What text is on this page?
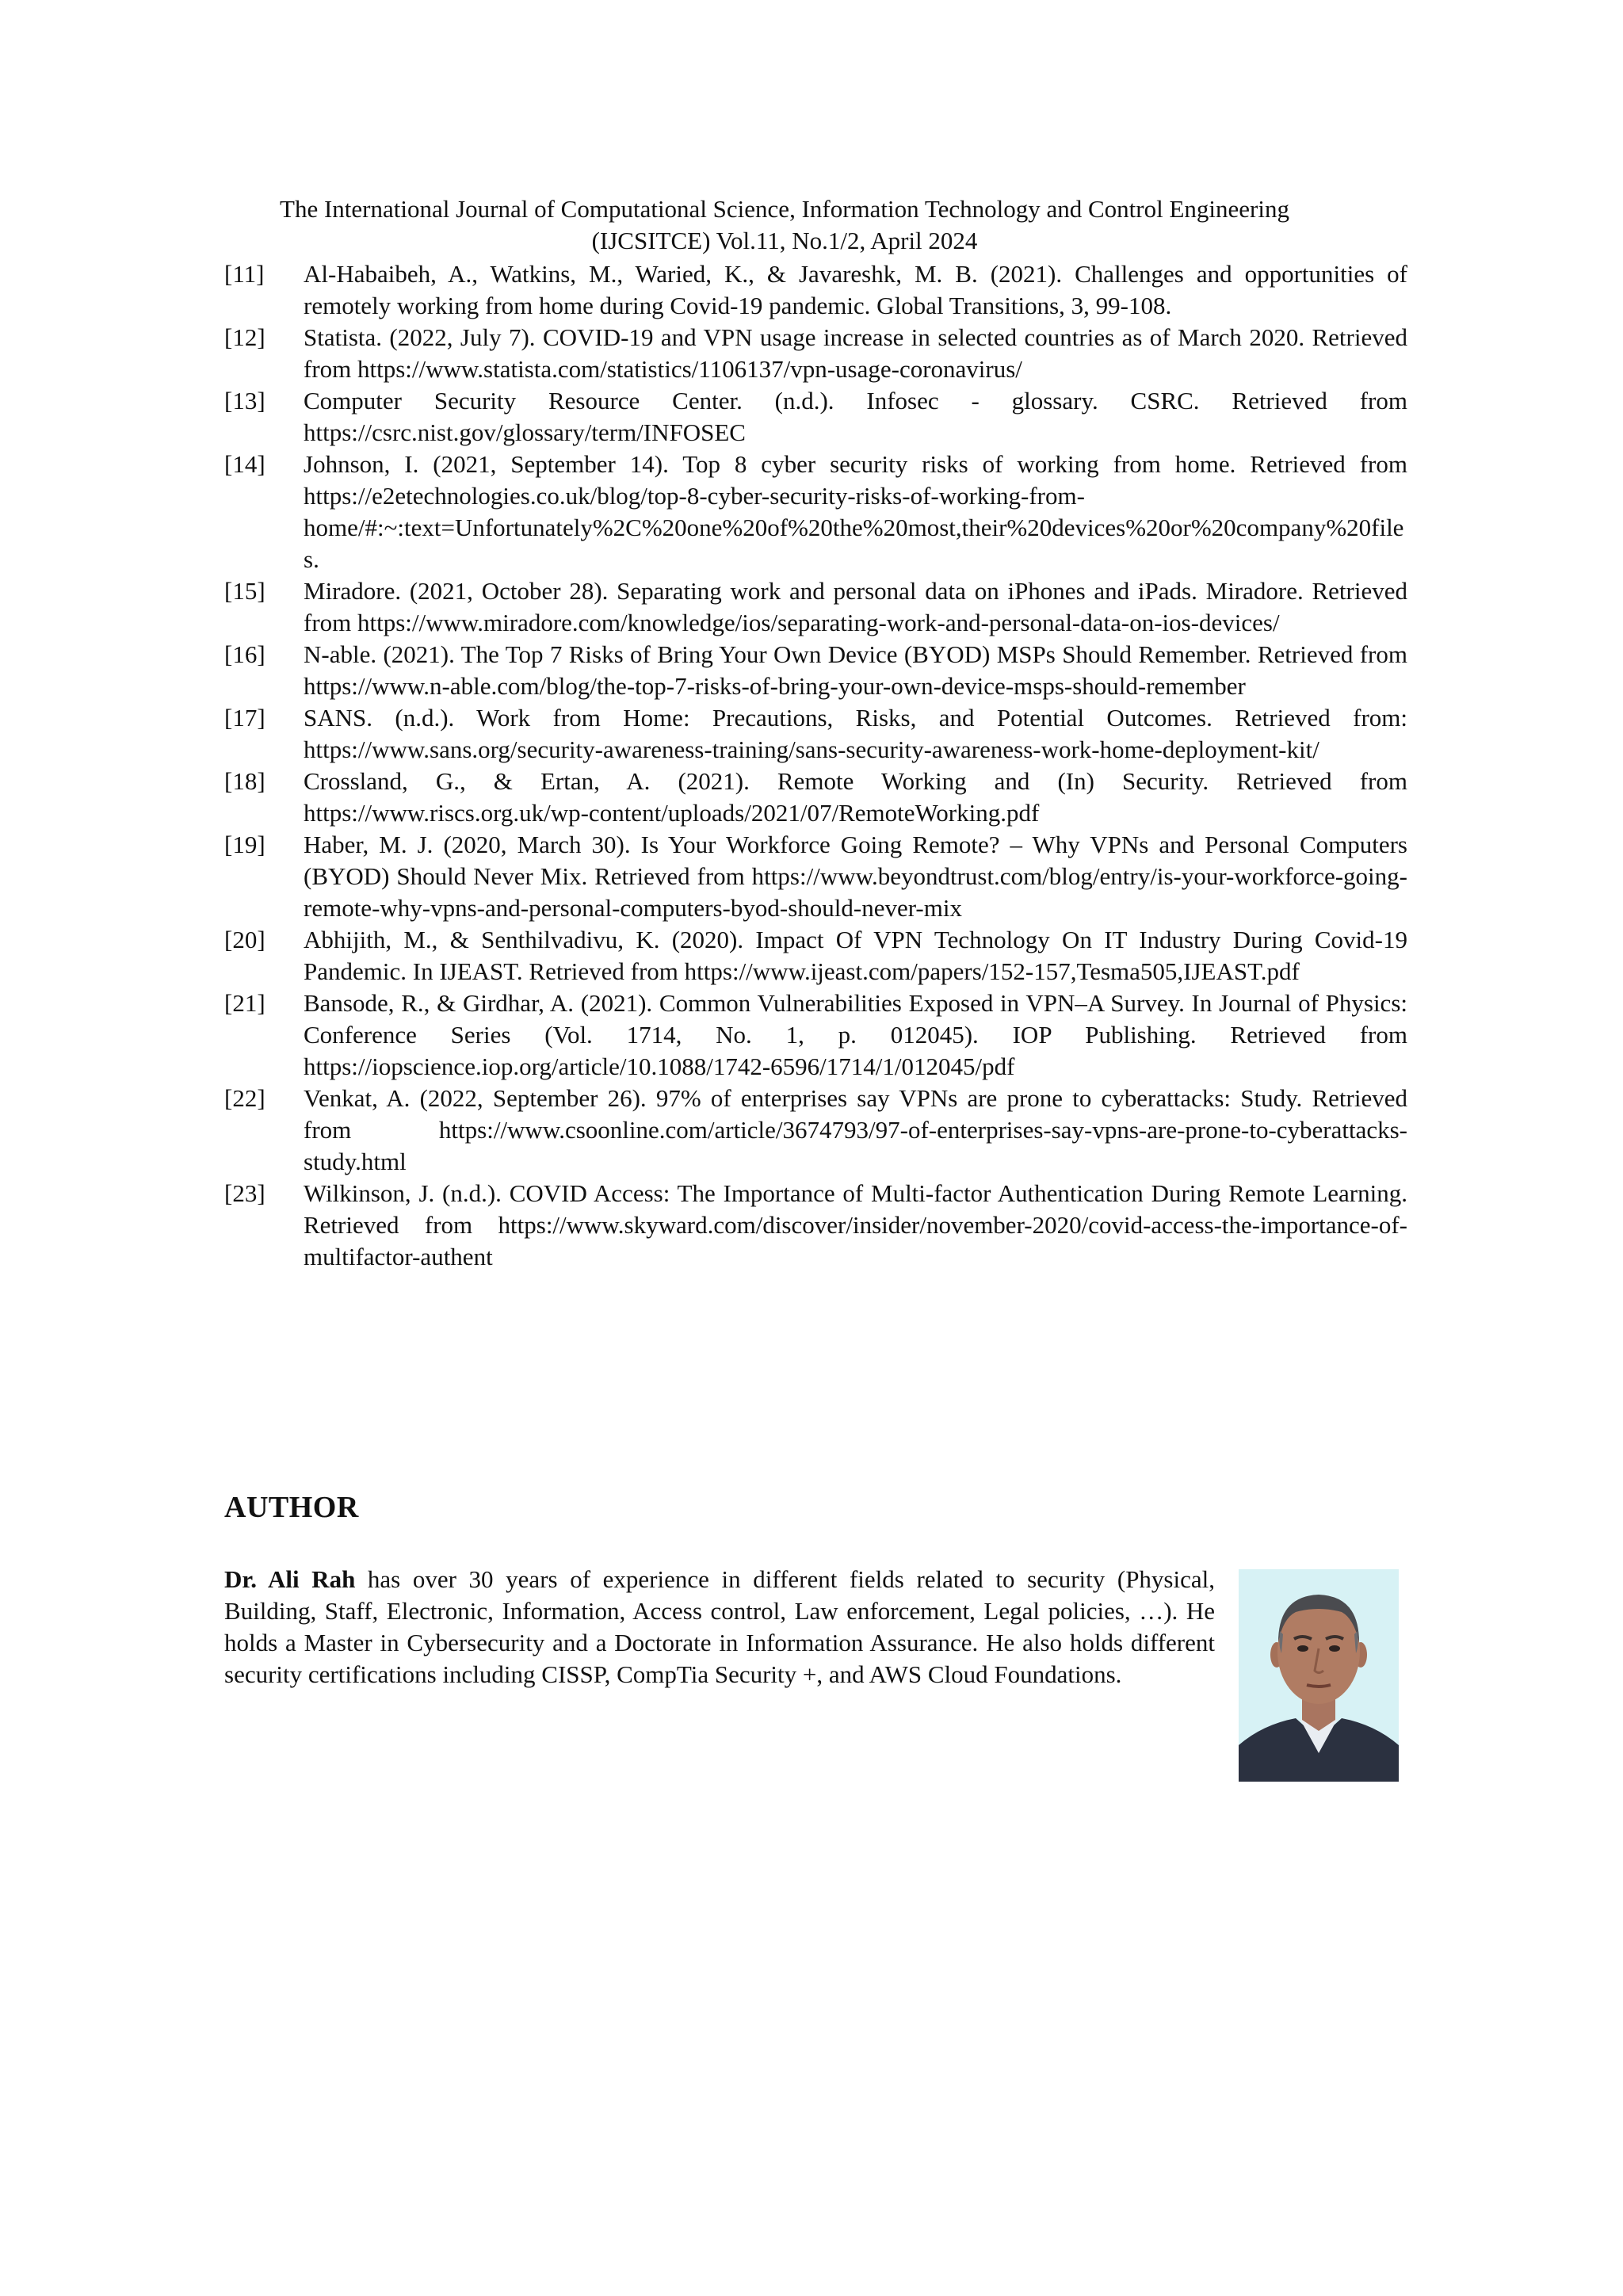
The International Journal of Computational Science, Information Technology and Control Engineering
(IJCSITCE) Vol.11, No.1/2, April 2024
[11]	Al-Habaibeh, A., Watkins, M., Waried, K., & Javareshk, M. B. (2021). Challenges and opportunities of remotely working from home during Covid-19 pandemic. Global Transitions, 3, 99-108.
[12]	Statista. (2022, July 7). COVID-19 and VPN usage increase in selected countries as of March 2020. Retrieved from https://www.statista.com/statistics/1106137/vpn-usage-coronavirus/
[13]	Computer Security Resource Center. (n.d.). Infosec - glossary. CSRC. Retrieved from https://csrc.nist.gov/glossary/term/INFOSEC
[14]	Johnson, I. (2021, September 14). Top 8 cyber security risks of working from home. Retrieved from https://e2etechnologies.co.uk/blog/top-8-cyber-security-risks-of-working-from-home/#:~:text=Unfortunately%2C%20one%20of%20the%20most,their%20devices%20or%20company%20files.
[15]	Miradore. (2021, October 28). Separating work and personal data on iPhones and iPads. Miradore. Retrieved from https://www.miradore.com/knowledge/ios/separating-work-and-personal-data-on-ios-devices/
[16]	N-able. (2021). The Top 7 Risks of Bring Your Own Device (BYOD) MSPs Should Remember. Retrieved from https://www.n-able.com/blog/the-top-7-risks-of-bring-your-own-device-msps-should-remember
[17]	SANS. (n.d.). Work from Home: Precautions, Risks, and Potential Outcomes. Retrieved from: https://www.sans.org/security-awareness-training/sans-security-awareness-work-home-deployment-kit/
[18]	Crossland, G., & Ertan, A. (2021). Remote Working and (In) Security. Retrieved from https://www.riscs.org.uk/wp-content/uploads/2021/07/RemoteWorking.pdf
[19]	Haber, M. J. (2020, March 30). Is Your Workforce Going Remote? – Why VPNs and Personal Computers (BYOD) Should Never Mix. Retrieved from https://www.beyondtrust.com/blog/entry/is-your-workforce-going-remote-why-vpns-and-personal-computers-byod-should-never-mix
[20]	Abhijith, M., & Senthilvadivu, K. (2020). Impact Of VPN Technology On IT Industry During Covid-19 Pandemic. In IJEAST. Retrieved from https://www.ijeast.com/papers/152-157,Tesma505,IJEAST.pdf
[21]	Bansode, R., & Girdhar, A. (2021). Common Vulnerabilities Exposed in VPN–A Survey. In Journal of Physics: Conference Series (Vol. 1714, No. 1, p. 012045). IOP Publishing. Retrieved from https://iopscience.iop.org/article/10.1088/1742-6596/1714/1/012045/pdf
[22]	Venkat, A. (2022, September 26). 97% of enterprises say VPNs are prone to cyberattacks: Study. Retrieved from https://www.csoonline.com/article/3674793/97-of-enterprises-say-vpns-are-prone-to-cyberattacks-study.html
[23]	Wilkinson, J. (n.d.). COVID Access: The Importance of Multi-factor Authentication During Remote Learning. Retrieved from https://www.skyward.com/discover/insider/november-2020/covid-access-the-importance-of-multifactor-authent
AUTHOR
Dr. Ali Rah has over 30 years of experience in different fields related to security (Physical, Building, Staff, Electronic, Information, Access control, Law enforcement, Legal policies, …). He holds a Master in Cybersecurity and a Doctorate in Information Assurance. He also holds different security certifications including CISSP, CompTia Security +, and AWS Cloud Foundations.
